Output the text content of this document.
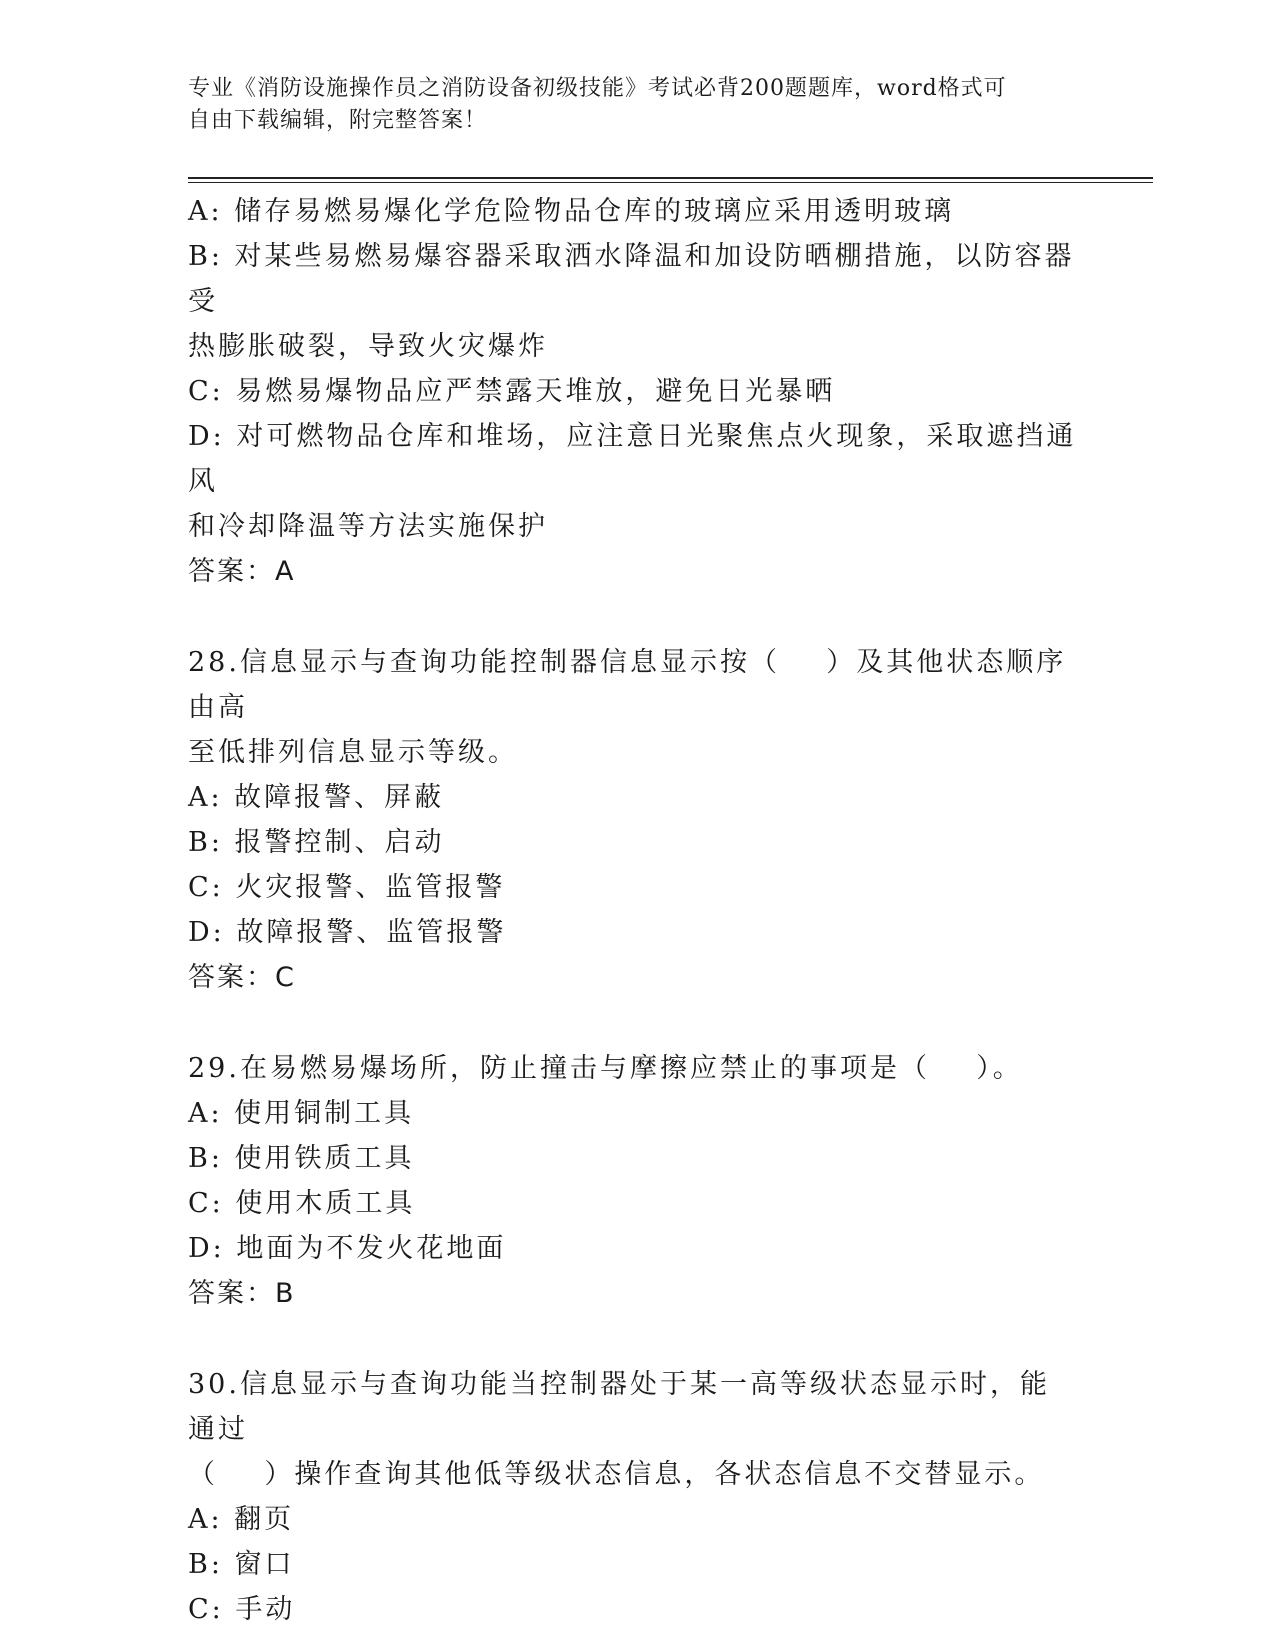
专业《消防设施操作员之消防设备初级技能》考试必背200题题库，word格式可

自由下载编辑，附完整答案！

A: 储存易燃易爆化学危险物品仓库的玻璃应采用透明玻璃

B: 对某些易燃易爆容器采取洒水降温和加设防晒棚措施，以防容器受

热膨胀破裂，导致火灾爆炸

C: 易燃易爆物品应严禁露天堆放，避免日光暴晒

D: 对可燃物品仓库和堆场，应注意日光聚焦点火现象，采取遮挡通风

和冷却降温等方法实施保护

答案：A

28.信息显示与查询功能控制器信息显示按（    ）及其他状态顺序由高

至低排列信息显示等级。

A: 故障报警、屏蔽

B: 报警控制、启动

C: 火灾报警、监管报警

D: 故障报警、监管报警

答案：C

29.在易燃易爆场所，防止撞击与摩擦应禁止的事项是（    ）。

A: 使用铜制工具

B: 使用铁质工具

C: 使用木质工具

D: 地面为不发火花地面

答案：B

30.信息显示与查询功能当控制器处于某一高等级状态显示时，能通过

（    ）操作查询其他低等级状态信息，各状态信息不交替显示。

A: 翻页

B: 窗口

C: 手动
